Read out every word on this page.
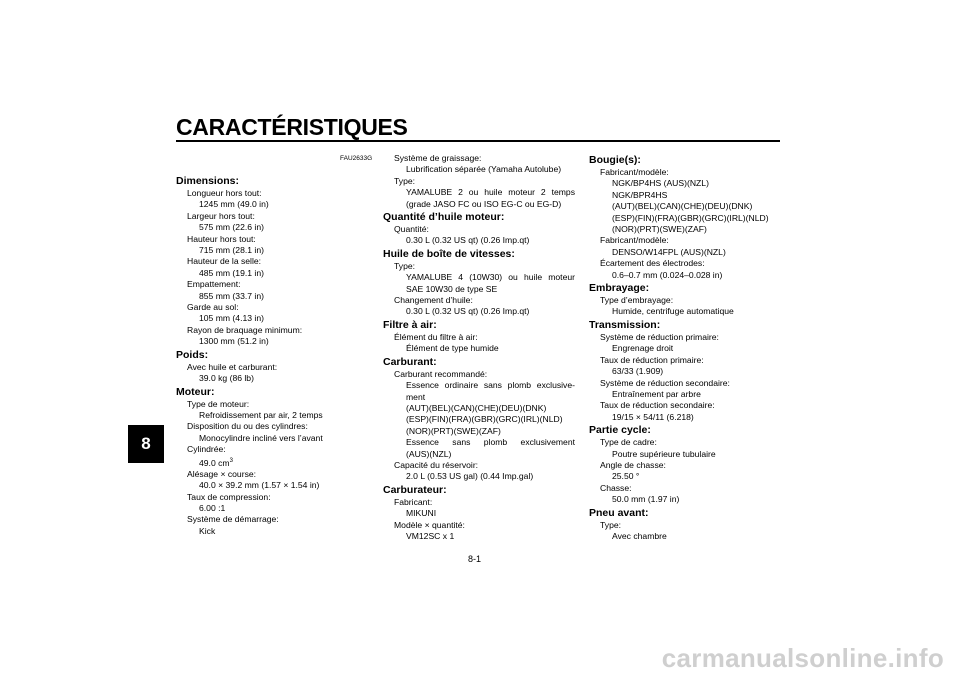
CARACTÉRISTIQUES
8
FAU2633G
Dimensions:
Longueur hors tout:
1245 mm (49.0 in)
Largeur hors tout:
575 mm (22.6 in)
Hauteur hors tout:
715 mm (28.1 in)
Hauteur de la selle:
485 mm (19.1 in)
Empattement:
855 mm (33.7 in)
Garde au sol:
105 mm (4.13 in)
Rayon de braquage minimum:
1300 mm (51.2 in)
Poids:
Avec huile et carburant:
39.0 kg (86 lb)
Moteur:
Type de moteur:
Refroidissement par air, 2 temps
Disposition du ou des cylindres:
Monocylindre incliné vers l’avant
Cylindrée:
49.0 $cm^3$
Alésage × course:
40.0 × 39.2 mm (1.57 × 1.54 in)
Taux de compression:
6.00 :1
Système de démarrage:
Kick
Système de graissage:
Lubrification séparée (Yamaha Autolube)
Type:
YAMALUBE 2 ou huile moteur 2 temps
(grade JASO FC ou ISO EG-C ou EG-D)
Quantité d’huile moteur:
Quantité:
0.30 L (0.32 US qt) (0.26 Imp.qt)
Huile de boîte de vitesses:
Type:
YAMALUBE 4 (10W30) ou huile moteur
SAE 10W30 de type SE
Changement d’huile:
0.30 L (0.32 US qt) (0.26 Imp.qt)
Filtre à air:
Élément du filtre à air:
Élément de type humide
Carburant:
Carburant recommandé:
Essence ordinaire sans plomb exclusive-
ment
(AUT)(BEL)(CAN)(CHE)(DEU)(DNK)
(ESP)(FIN)(FRA)(GBR)(GRC)(IRL)(NLD)
(NOR)(PRT)(SWE)(ZAF)
Essence sans plomb exclusivement
(AUS)(NZL)
Capacité du réservoir:
2.0 L (0.53 US gal) (0.44 Imp.gal)
Carburateur:
Fabricant:
MIKUNI
Modèle × quantité:
VM12SC x 1
Bougie(s):
Fabricant/modèle:
NGK/BP4HS (AUS)(NZL)
NGK/BPR4HS
(AUT)(BEL)(CAN)(CHE)(DEU)(DNK)
(ESP)(FIN)(FRA)(GBR)(GRC)(IRL)(NLD)
(NOR)(PRT)(SWE)(ZAF)
Fabricant/modèle:
DENSO/W14FPL (AUS)(NZL)
Écartement des électrodes:
0.6–0.7 mm (0.024–0.028 in)
Embrayage:
Type d’embrayage:
Humide, centrifuge automatique
Transmission:
Système de réduction primaire:
Engrenage droit
Taux de réduction primaire:
63/33 (1.909)
Système de réduction secondaire:
Entraînement par arbre
Taux de réduction secondaire:
19/15 × 54/11 (6.218)
Partie cycle:
Type de cadre:
Poutre supérieure tubulaire
Angle de chasse:
25.50 °
Chasse:
50.0 mm (1.97 in)
Pneu avant:
Type:
Avec chambre
8-1
carmanualsonline.info
